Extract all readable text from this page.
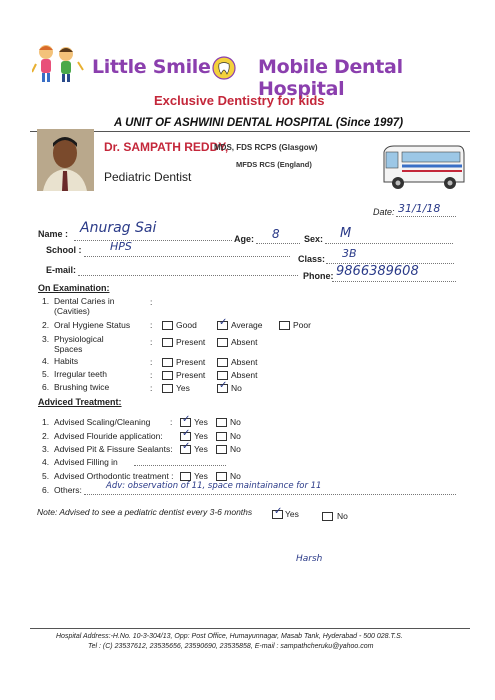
Little Smile Mobile Dental Hospital
Exclusive Dentistry for kids
A UNIT OF ASHWINI DENTAL HOSPITAL (Since 1997)
Dr. SAMPATH REDDY,
MDS, FDS RCPS (Glasgow)
MFDS RCS (England)
Pediatric Dentist
Date: 31/1/18
Name : Anurag Sai
Age: 8	Sex: M
School :	HPS
Class: 3B
E-mail:
Phone: 9866389608
On Examination:
1. Dental Caries in
(Cavities)
:
2. Oral Hygiene Status :	Good ✓ Average	Poor
3. Physiological
Spaces
:	Present	Absent
4. Habits	:	Present	Absent
5. Irregular teeth	:	Present	Absent
6. Brushing twice	:	Yes	✓ No
Adviced Treatment:
1. Advised Scaling/Cleaning : ✓ Yes	No
2. Advised Flouride application: ✓ Yes	No
3. Advised Pit & Fissure Sealants: ✓ Yes	No
4. Advised Filling in
5. Advised Orthodontic treatment : Yes	No
6. Others:	Adv: observation of 11, space maintainance for 11
Note: Advised to see a pediatric dentist every 3-6 months ✓ Yes	No
Harsh
Hospital Address:-H.No. 10-3-304/13, Opp: Post Office, Humayunnagar, Masab Tank, Hyderabad - 500 028.T.S.
Tel : (C) 23537612, 23535656, 23590690, 23535858, E-mail : sampathcheruku@yahoo.com
